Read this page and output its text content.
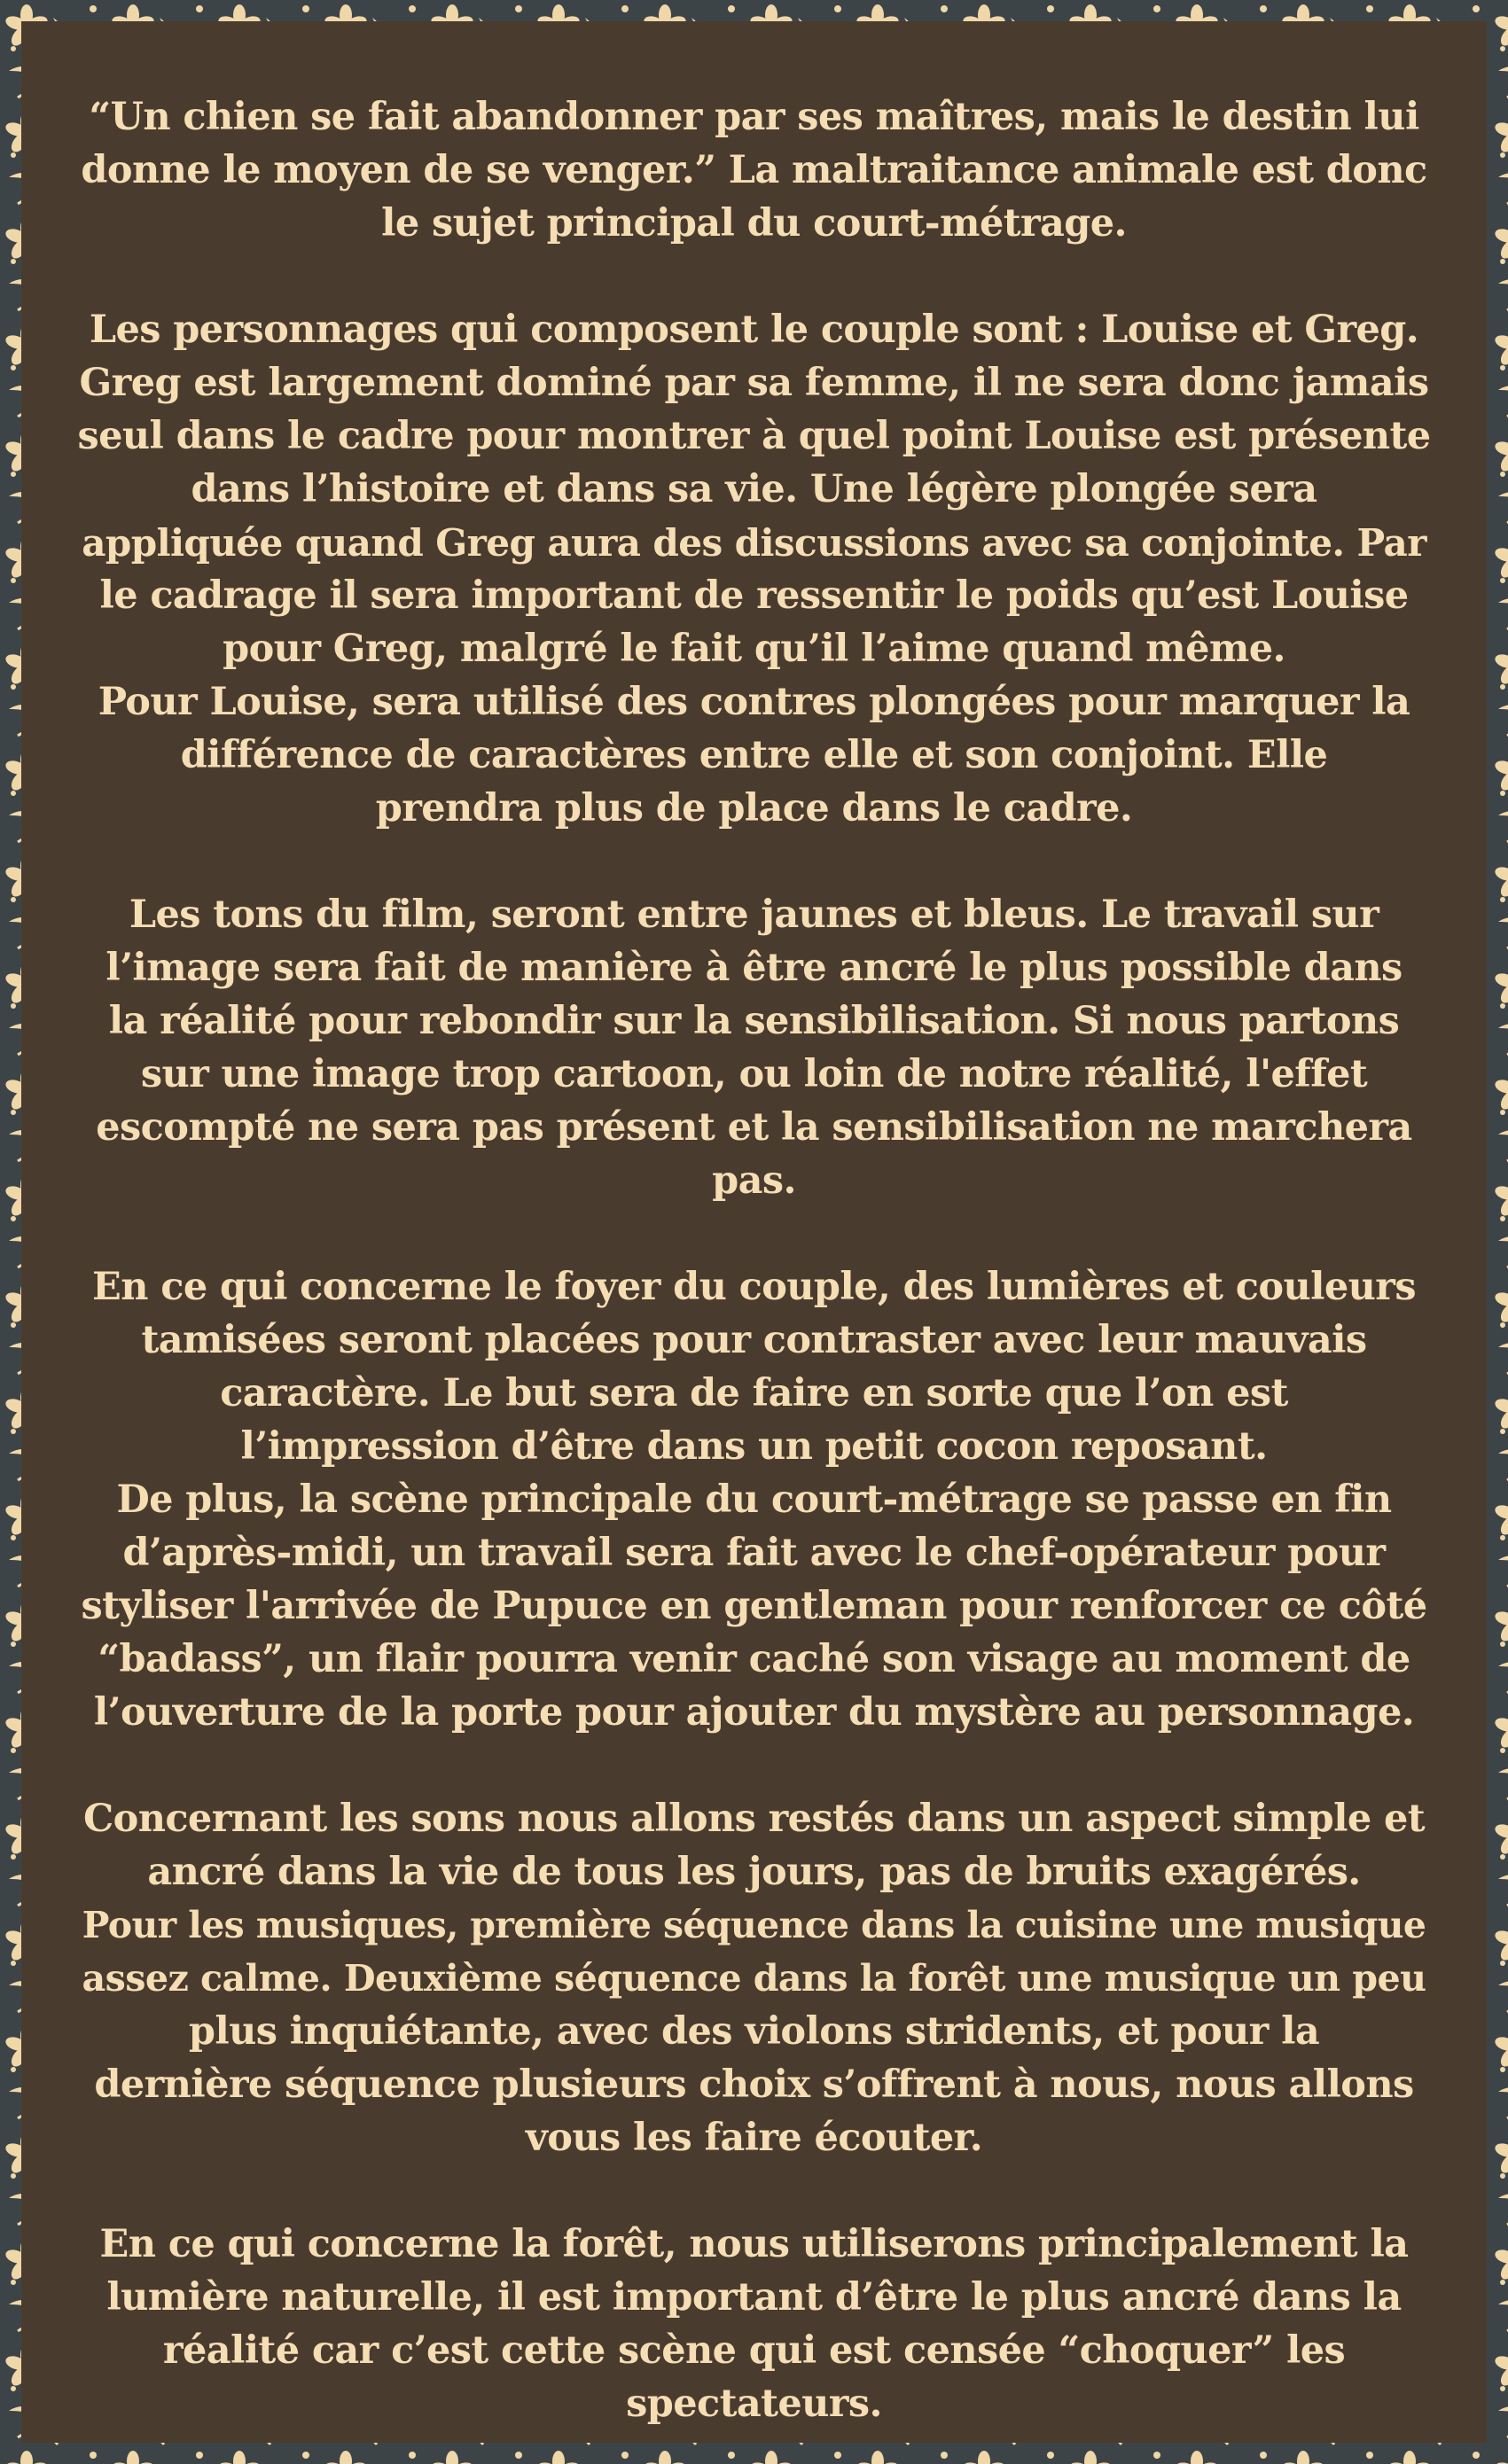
“Un chien se fait abandonner par ses maîtres, mais le destin lui
donne le moyen de se venger.” La maltraitance animale est donc
le sujet principal du court-métrage.

Les personnages qui composent le couple sont : Louise et Greg.
Greg est largement dominé par sa femme, il ne sera donc jamais
seul dans le cadre pour montrer à quel point Louise est présente
dans l’histoire et dans sa vie. Une légère plongée sera
appliquée quand Greg aura des discussions avec sa conjointe. Par
le cadrage il sera important de ressentir le poids qu’est Louise
pour Greg, malgré le fait qu’il l’aime quand même.
Pour Louise, sera utilisé des contres plongées pour marquer la
différence de caractères entre elle et son conjoint. Elle
prendra plus de place dans le cadre.

Les tons du film, seront entre jaunes et bleus. Le travail sur
l’image sera fait de manière à être ancré le plus possible dans
la réalité pour rebondir sur la sensibilisation. Si nous partons
sur une image trop cartoon, ou loin de notre réalité, l'effet
escompté ne sera pas présent et la sensibilisation ne marchera
pas.

En ce qui concerne le foyer du couple, des lumières et couleurs
tamisées seront placées pour contraster avec leur mauvais
caractère. Le but sera de faire en sorte que l’on est
l’impression d’être dans un petit cocon reposant.
De plus, la scène principale du court-métrage se passe en fin
d’après-midi, un travail sera fait avec le chef-opérateur pour
styliser l'arrivée de Pupuce en gentleman pour renforcer ce côté
“badass”, un flair pourra venir caché son visage au moment de
l’ouverture de la porte pour ajouter du mystère au personnage.

Concernant les sons nous allons restés dans un aspect simple et
ancré dans la vie de tous les jours, pas de bruits exagérés.
Pour les musiques, première séquence dans la cuisine une musique
assez calme. Deuxième séquence dans la forêt une musique un peu
plus inquiétante, avec des violons stridents, et pour la
dernière séquence plusieurs choix s’offrent à nous, nous allons
vous les faire écouter.

En ce qui concerne la forêt, nous utiliserons principalement la
lumière naturelle, il est important d’être le plus ancré dans la
réalité car c’est cette scène qui est censée “choquer” les
spectateurs.
